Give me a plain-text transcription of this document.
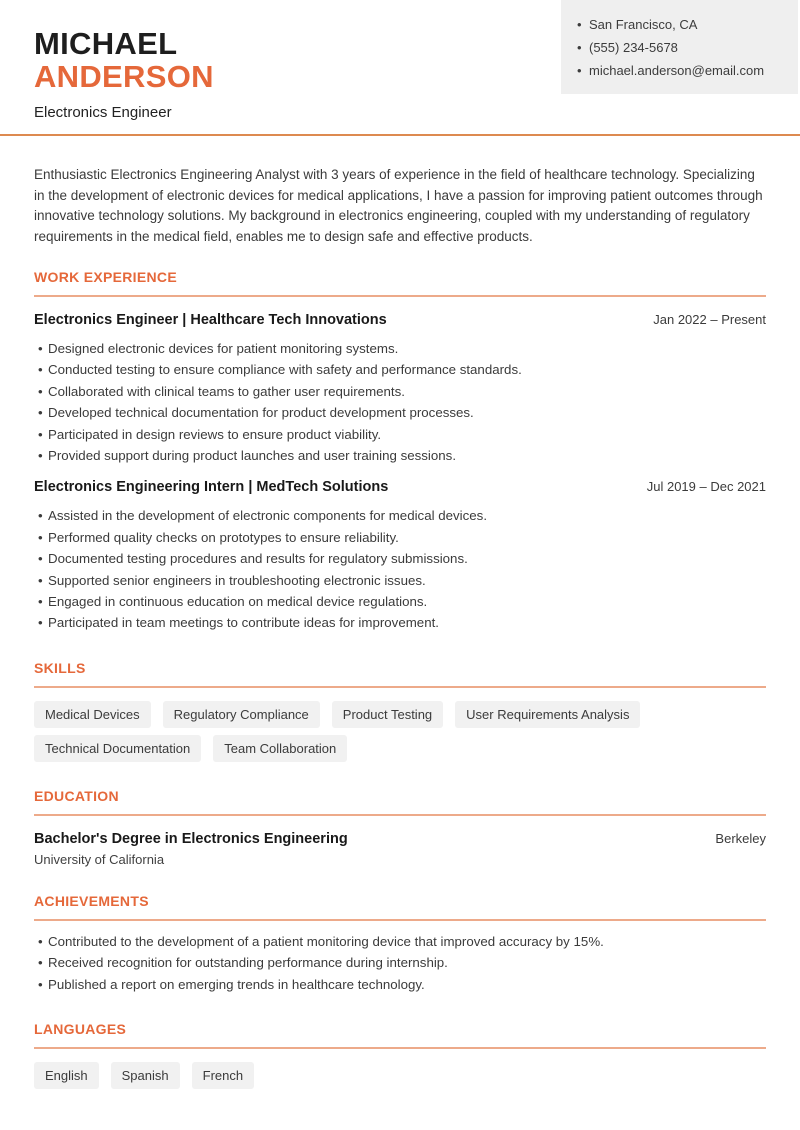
MICHAEL
ANDERSON
Electronics Engineer
•
San Francisco, CA
•
(555) 234-5678
•
michael.anderson@email.com
Enthusiastic Electronics Engineering Analyst with 3 years of experience in the field of healthcare technology. Specializing in the development of electronic devices for medical applications, I have a passion for improving patient outcomes through innovative technology solutions. My background in electronics engineering, coupled with my understanding of regulatory requirements in the medical field, enables me to design safe and effective products.
WORK EXPERIENCE
Electronics Engineer | Healthcare Tech Innovations	Jan 2022 – Present
•
Designed electronic devices for patient monitoring systems.
•
Conducted testing to ensure compliance with safety and performance standards.
•
Collaborated with clinical teams to gather user requirements.
•
Developed technical documentation for product development processes.
•
Participated in design reviews to ensure product viability.
•
Provided support during product launches and user training sessions.
Electronics Engineering Intern | MedTech Solutions	Jul 2019 – Dec 2021
•
Assisted in the development of electronic components for medical devices.
•
Performed quality checks on prototypes to ensure reliability.
•
Documented testing procedures and results for regulatory submissions.
•
Supported senior engineers in troubleshooting electronic issues.
•
Engaged in continuous education on medical device regulations.
•
Participated in team meetings to contribute ideas for improvement.
SKILLS
Medical Devices	Regulatory Compliance	Product Testing	User Requirements Analysis
Technical Documentation	Team Collaboration
EDUCATION
Bachelor's Degree in Electronics Engineering	Berkeley
University of California
ACHIEVEMENTS
•
Contributed to the development of a patient monitoring device that improved accuracy by 15%.
•
Received recognition for outstanding performance during internship.
•
Published a report on emerging trends in healthcare technology.
LANGUAGES
English	Spanish	French
